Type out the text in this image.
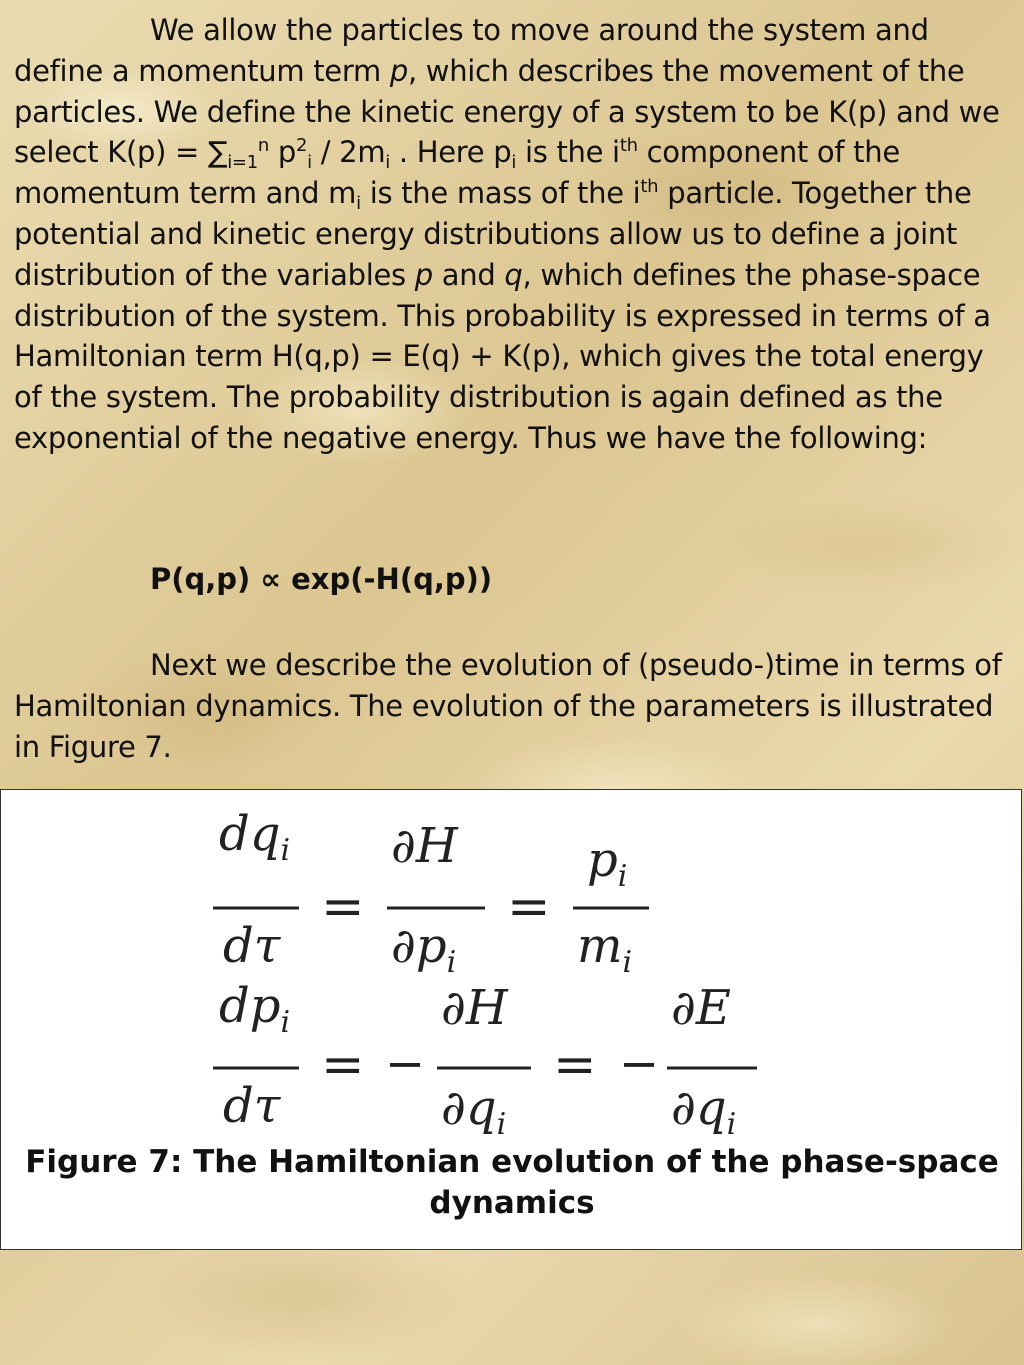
We allow the particles to move around the system and define a momentum term p, which describes the movement of the particles. We define the kinetic energy of a system to be K(p) and we select $K(p) = \sum_{i=1}^n$ $p^2_i / 2m_i$ . Here $p_i$ is the $i^{th}$ component of the momentum term and $m_i$ is the mass of the $i^{th}$ particle. Together the potential and kinetic energy distributions allow us to define a joint distribution of the variables p and q, which defines the phase-space distribution of the system. This probability is expressed in terms of a Hamiltonian term H(q,p) = E(q) + K(p), which gives the total energy of the system. The probability distribution is again defined as the exponential of the negative energy. Thus we have the following:

P(q,p) ∝ exp(-H(q,p))
Next we describe the evolution of (pseudo-)time in terms of Hamiltonian dynamics. The evolution of the parameters is illustrated in Figure 7.
$dq_i$
dτ
=
∂H
$\partial p_i$
=
$p_i$
$m_i$
$dp_i$
dτ
= −
∂H
$\partial q_i$
= −
∂E
$\partial q_i$
Figure 7: The Hamiltonian evolution of the phase-space dynamics
